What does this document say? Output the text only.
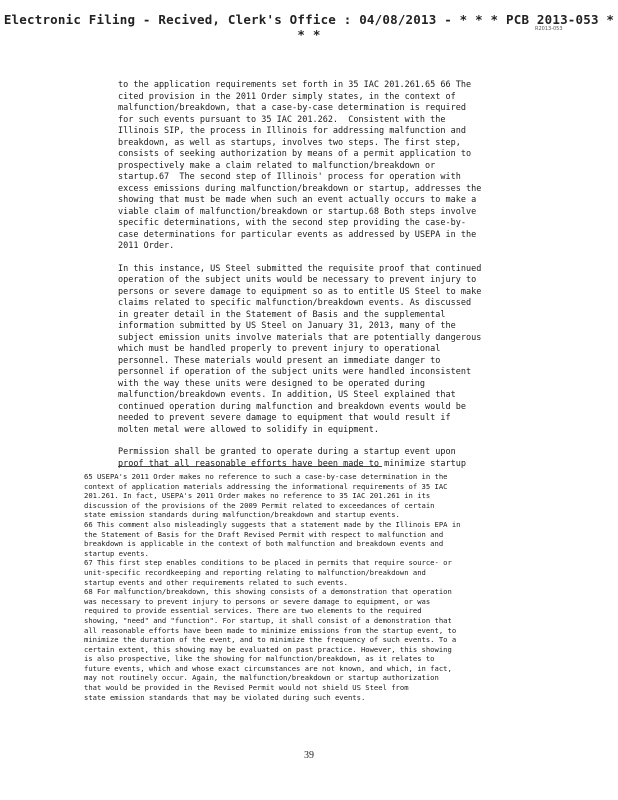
Electronic Filing - Recived, Clerk's Office : 04/08/2013 - * * * PCB 2013-053 * * *	R2013-053

to the application requirements set forth in 35 IAC 201.261.65 66 The
cited provision in the 2011 Order simply states, in the context of
malfunction/breakdown, that a case-by-case determination is required
for such events pursuant to 35 IAC 201.262.  Consistent with the
Illinois SIP, the process in Illinois for addressing malfunction and
breakdown, as well as startups, involves two steps. The first step,
consists of seeking authorization by means of a permit application to
prospectively make a claim related to malfunction/breakdown or
startup.67  The second step of Illinois' process for operation with
excess emissions during malfunction/breakdown or startup, addresses the
showing that must be made when such an event actually occurs to make a
viable claim of malfunction/breakdown or startup.68 Both steps involve
specific determinations, with the second step providing the case-by-
case determinations for particular events as addressed by USEPA in the
2011 Order.

In this instance, US Steel submitted the requisite proof that continued
operation of the subject units would be necessary to prevent injury to
persons or severe damage to equipment so as to entitle US Steel to make
claims related to specific malfunction/breakdown events. As discussed
in greater detail in the Statement of Basis and the supplemental
information submitted by US Steel on January 31, 2013, many of the
subject emission units involve materials that are potentially dangerous
which must be handled properly to prevent injury to operational
personnel. These materials would present an immediate danger to
personnel if operation of the subject units were handled inconsistent
with the way these units were designed to be operated during
malfunction/breakdown events. In addition, US Steel explained that
continued operation during malfunction and breakdown events would be
needed to prevent severe damage to equipment that would result if
molten metal were allowed to solidify in equipment.

Permission shall be granted to operate during a startup event upon
proof that all reasonable efforts have been made to minimize startup

65 USEPA's 2011 Order makes no reference to such a case-by-case determination in the
context of application materials addressing the informational requirements of 35 IAC
201.261. In fact, USEPA's 2011 Order makes no reference to 35 IAC 201.261 in its
discussion of the provisions of the 2009 Permit related to exceedances of certain
state emission standards during malfunction/breakdown and startup events.

66 This comment also misleadingly suggests that a statement made by the Illinois EPA in
the Statement of Basis for the Draft Revised Permit with respect to malfunction and
breakdown is applicable in the context of both malfunction and breakdown events and
startup events.

67 This first step enables conditions to be placed in permits that require source- or
unit-specific recordkeeping and reporting relating to malfunction/breakdown and
startup events and other requirements related to such events.

68 For malfunction/breakdown, this showing consists of a demonstration that operation
was necessary to prevent injury to persons or severe damage to equipment, or was
required to provide essential services. There are two elements to the required
showing, "need" and "function". For startup, it shall consist of a demonstration that
all reasonable efforts have been made to minimize emissions from the startup event, to
minimize the duration of the event, and to minimize the frequency of such events. To a
certain extent, this showing may be evaluated on past practice. However, this showing
is also prospective, like the showing for malfunction/breakdown, as it relates to
future events, which and whose exact circumstances are not known, and which, in fact,
may not routinely occur. Again, the malfunction/breakdown or startup authorization
that would be provided in the Revised Permit would not shield US Steel from
state emission standards that may be violated during such events.

39
